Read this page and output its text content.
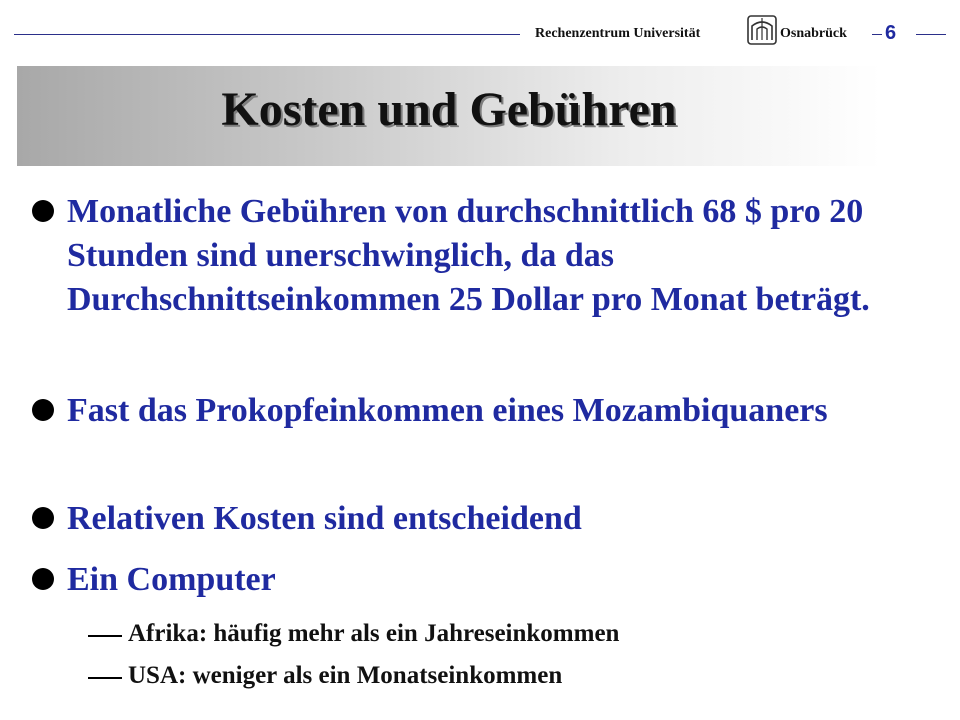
Rechenzentrum Universität	Osnabrück 6
Kosten und Gebühren
Monatliche Gebühren von durchschnittlich 68 $ pro 20 Stunden sind unerschwinglich, da das Durchschnittseinkommen 25 Dollar pro Monat beträgt.
Fast das Prokopfeinkommen eines Mozambiquaners
Relativen Kosten sind entscheidend
Ein Computer
Afrika: häufig mehr als ein Jahreseinkommen
USA: weniger als ein Monatseinkommen
